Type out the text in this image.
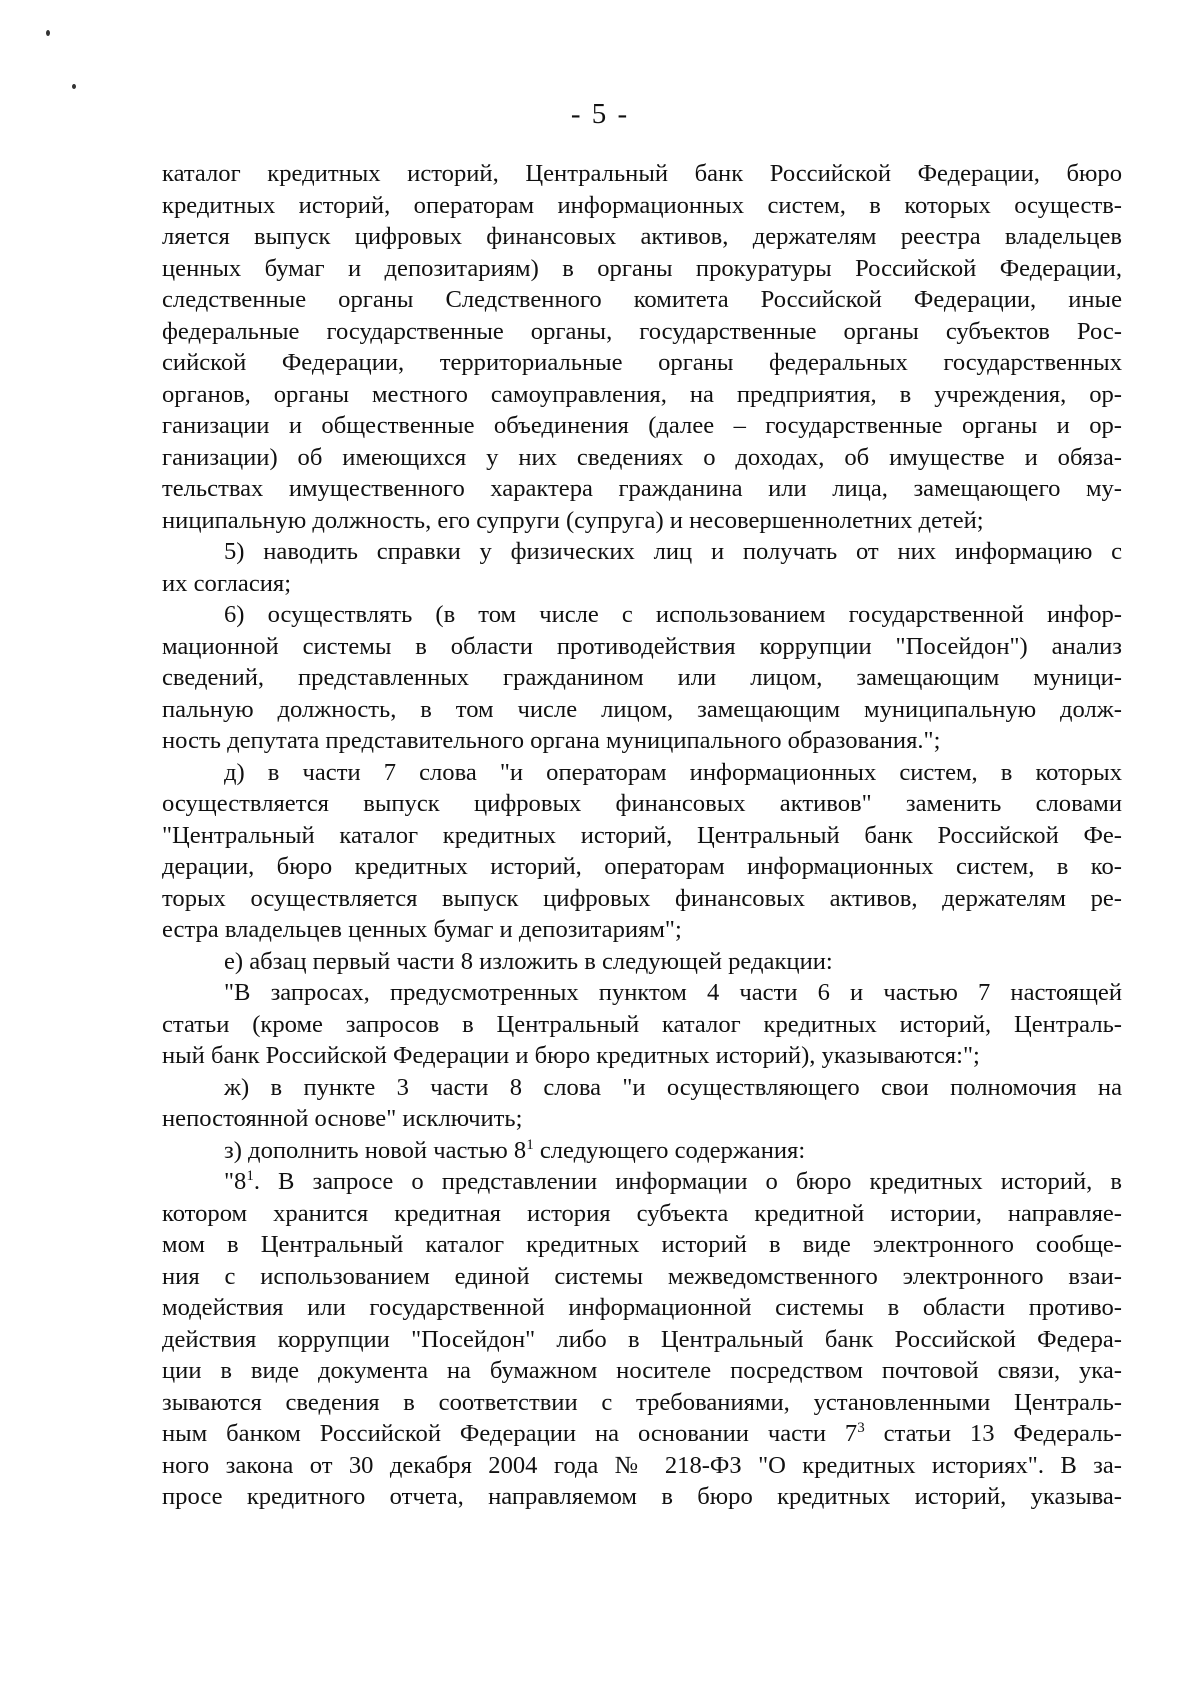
- 5 -

каталог кредитных историй, Центральный банк Российской Федерации, бюро
кредитных историй, операторам информационных систем, в которых осуществ-
ляется выпуск цифровых финансовых активов, держателям реестра владельцев
ценных бумаг и депозитариям) в органы прокуратуры Российской Федерации,
следственные органы Следственного комитета Российской Федерации, иные
федеральные государственные органы, государственные органы субъектов Рос-
сийской Федерации, территориальные органы федеральных государственных
органов, органы местного самоуправления, на предприятия, в учреждения, ор-
ганизации и общественные объединения (далее – государственные органы и ор-
ганизации) об имеющихся у них сведениях о доходах, об имуществе и обяза-
тельствах имущественного характера гражданина или лица, замещающего му-
ниципальную должность, его супруги (супруга) и несовершеннолетних детей;

5) наводить справки у физических лиц и получать от них информацию с
их согласия;

6) осуществлять (в том числе с использованием государственной инфор-
мационной системы в области противодействия коррупции "Посейдон") анализ
сведений, представленных гражданином или лицом, замещающим муници-
пальную должность, в том числе лицом, замещающим муниципальную долж-
ность депутата представительного органа муниципального образования.";

д) в части 7 слова "и операторам информационных систем, в которых
осуществляется выпуск цифровых финансовых активов" заменить словами
"Центральный каталог кредитных историй, Центральный банк Российской Фе-
дерации, бюро кредитных историй, операторам информационных систем, в ко-
торых осуществляется выпуск цифровых финансовых активов, держателям ре-
естра владельцев ценных бумаг и депозитариям";

е) абзац первый части 8 изложить в следующей редакции:

"В запросах, предусмотренных пунктом 4 части 6 и частью 7 настоящей
статьи (кроме запросов в Центральный каталог кредитных историй, Централь-
ный банк Российской Федерации и бюро кредитных историй), указываются:";

ж) в пункте 3 части 8 слова "и осуществляющего свои полномочия на
непостоянной основе" исключить;

з) дополнить новой частью $8^1$ следующего содержания:

"$8^1$. В запросе о представлении информации о бюро кредитных историй, в
котором хранится кредитная история субъекта кредитной истории, направляе-
мом в Центральный каталог кредитных историй в виде электронного сообще-
ния с использованием единой системы межведомственного электронного взаи-
модействия или государственной информационной системы в области противо-
действия коррупции "Посейдон" либо в Центральный банк Российской Федера-
ции в виде документа на бумажном носителе посредством почтовой связи, ука-
зываются сведения в соответствии с требованиями, установленными Централь-
ным банком Российской Федерации на основании части $7^3$ статьи 13 Федераль-
ного закона от 30 декабря 2004 года № 218-ФЗ "О кредитных историях". В за-
просе кредитного отчета, направляемом в бюро кредитных историй, указыва-
